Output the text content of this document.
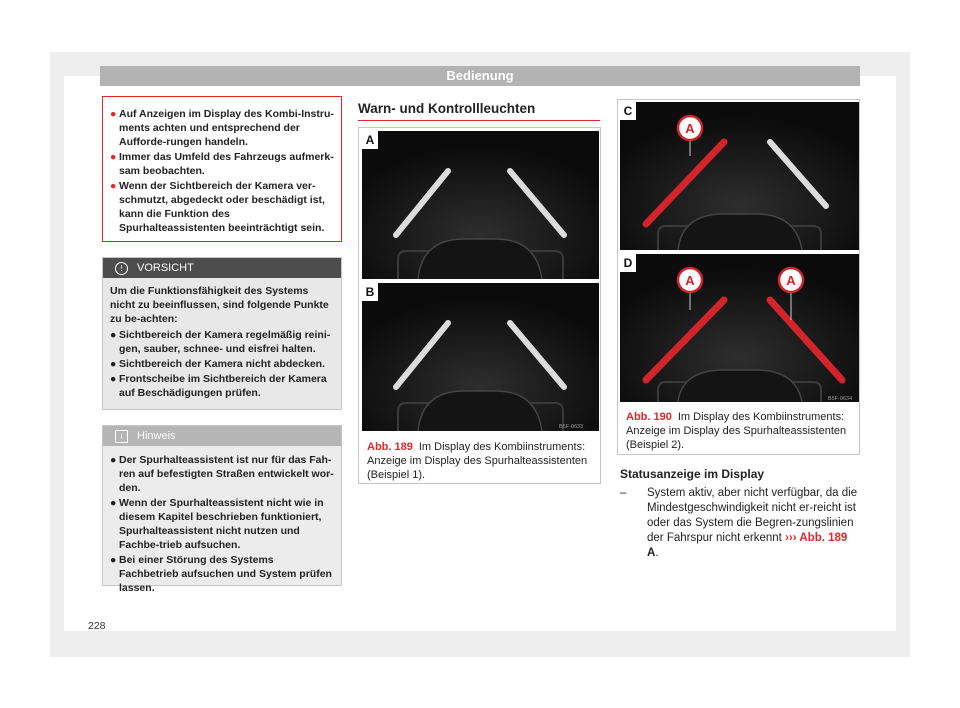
Bedienung
● Auf Anzeigen im Display des Kombi-Instru-ments achten und entsprechend der Aufforde-rungen handeln.
● Immer das Umfeld des Fahrzeugs aufmerk-sam beobachten.
● Wenn der Sichtbereich der Kamera ver-schmutzt, abgedeckt oder beschädigt ist, kann die Funktion des Spurhalteassistenten beeinträchtigt sein.
!	VORSICHT

Um die Funktionsfähigkeit des Systems nicht zu beeinflussen, sind folgende Punkte zu be-achten:

● Sichtbereich der Kamera regelmäßig reini-gen, sauber, schnee- und eisfrei halten.
● Sichtbereich der Kamera nicht abdecken.
● Frontscheibe im Sichtbereich der Kamera auf Beschädigungen prüfen.
i	Hinweis
● Der Spurhalteassistent ist nur für das Fah-ren auf befestigten Straßen entwickelt wor-den.
● Wenn der Spurhalteassistent nicht wie in diesem Kapitel beschrieben funktioniert, Spurhalteassistent nicht nutzen und Fachbe-trieb aufsuchen.
● Bei einer Störung des Systems Fachbetrieb aufsuchen und System prüfen lassen.
Warn- und Kontrollleuchten
A
B
B5F-0633
Abb. 189 Im Display des Kombiinstruments: Anzeige im Display des Spurhalteassistenten (Beispiel 1).
A
C
A	A
D
B5F-0634
Abb. 190 Im Display des Kombiinstruments: Anzeige im Display des Spurhalteassistenten (Beispiel 2).
Statusanzeige im Display
–	System aktiv, aber nicht verfügbar, da die Mindestgeschwindigkeit nicht er-reicht ist oder das System die Begren-zungslinien der Fahrspur nicht erkennt ››› Abb. 189 A.
228
